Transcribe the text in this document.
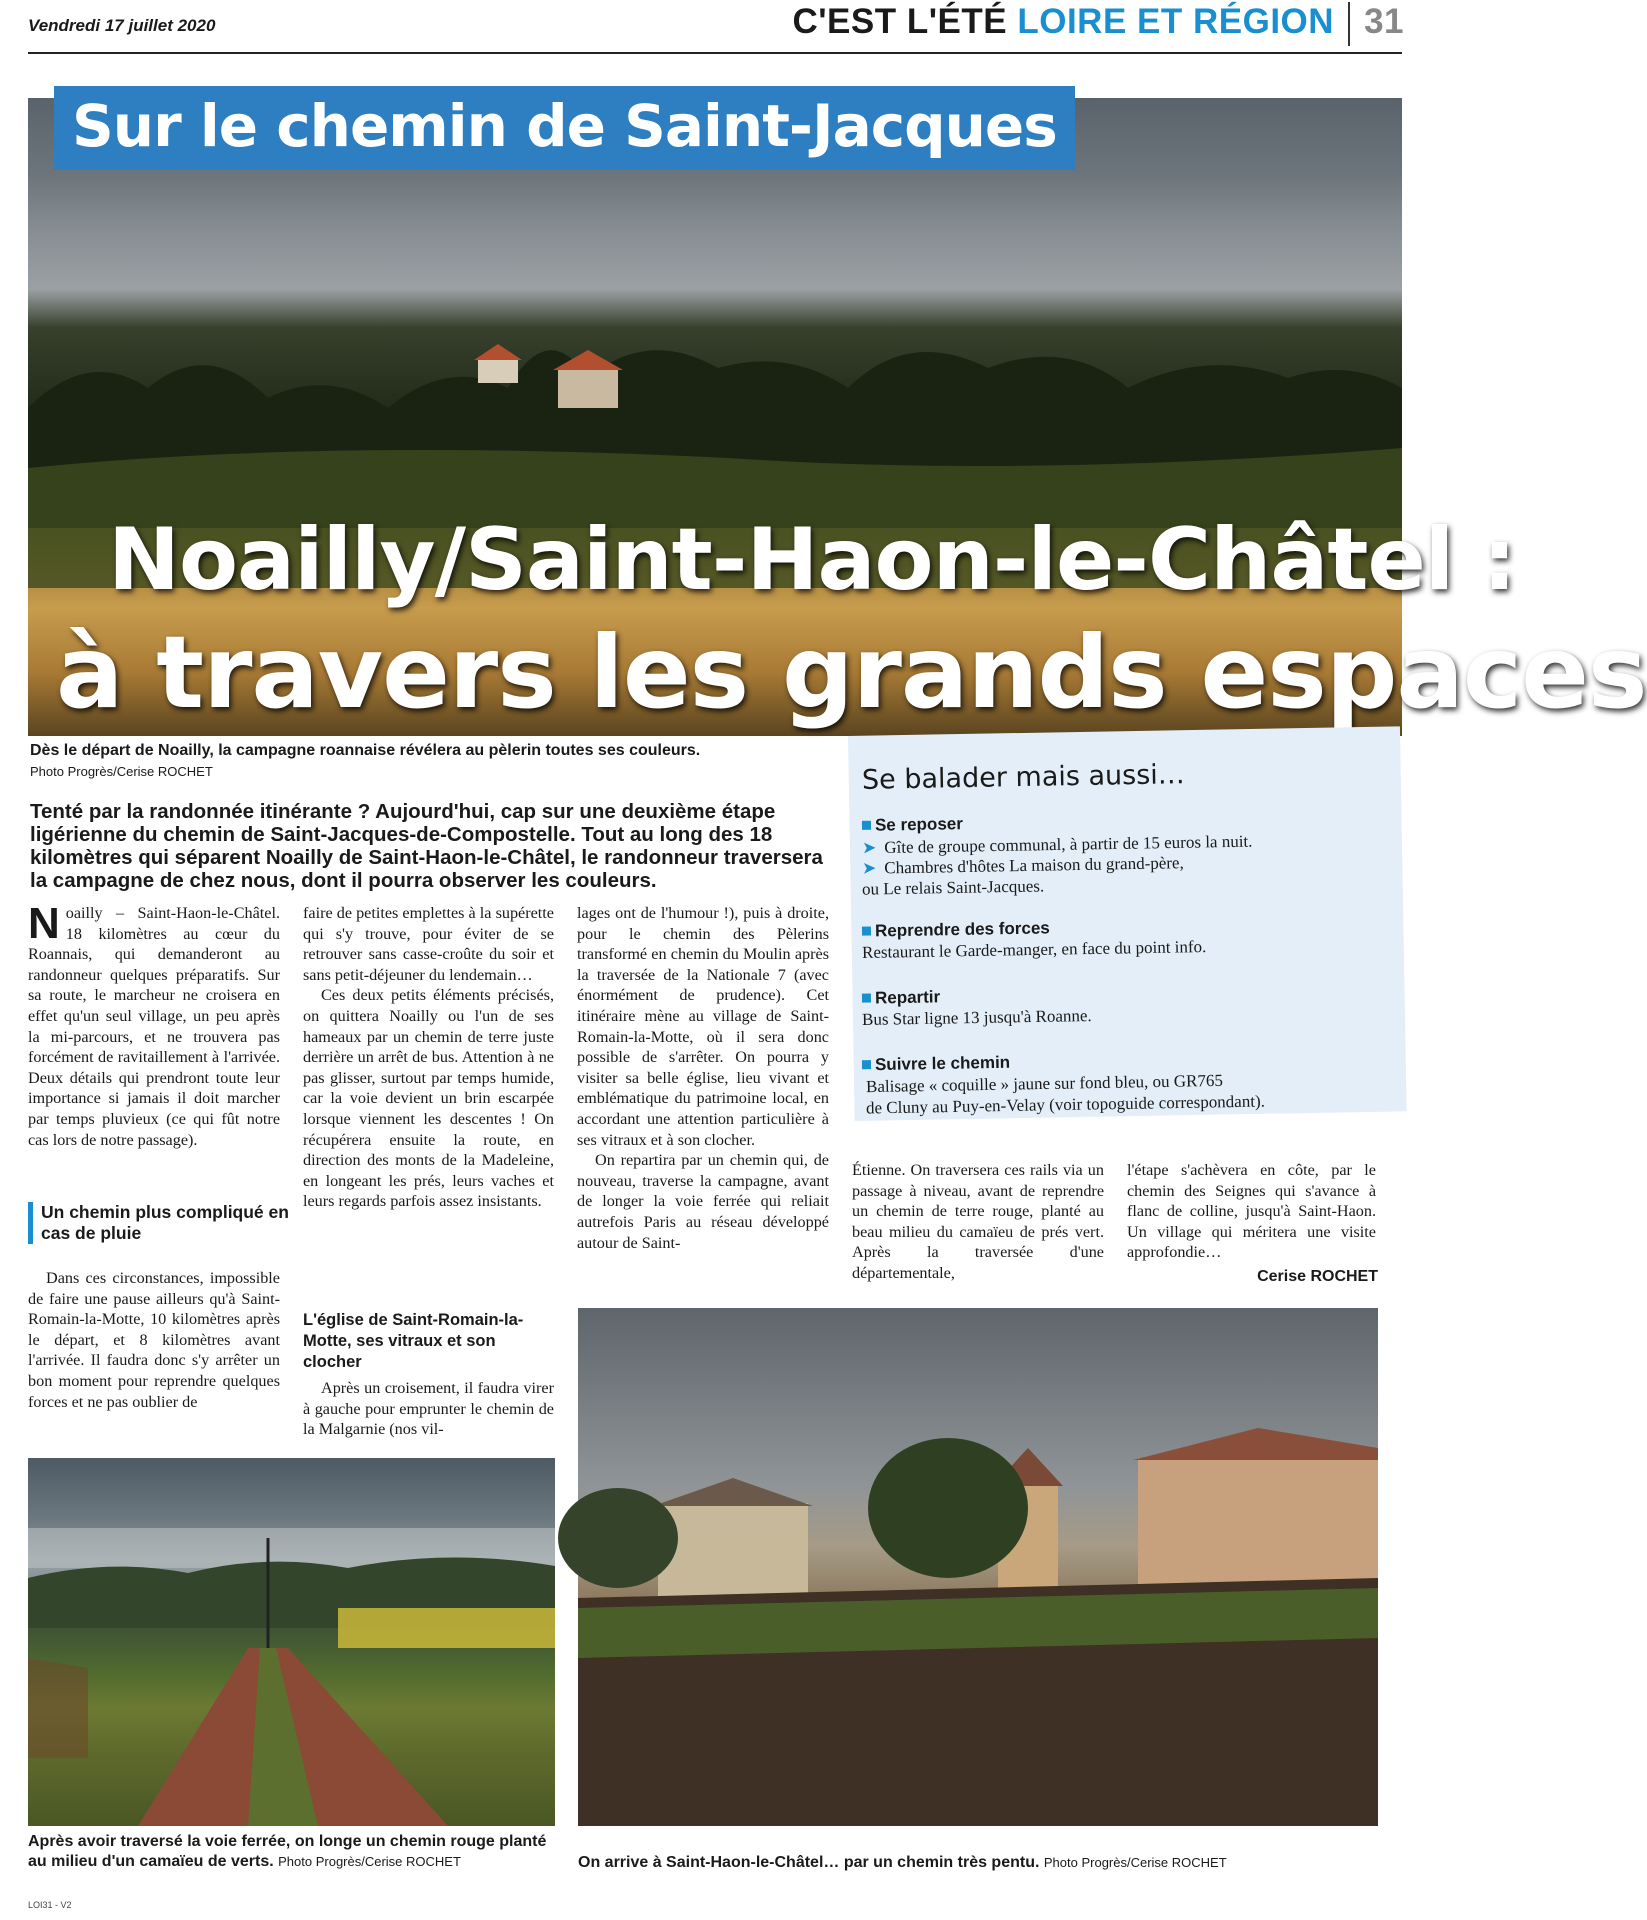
Vendredi 17 juillet 2020	C'EST L'ÉTÉ LOIRE ET RÉGION 31
Sur le chemin de Saint-Jacques
Noailly/Saint-Haon-le-Châtel :
à travers les grands espaces
Dès le départ de Noailly, la campagne roannaise révélera au pèlerin toutes ses couleurs.
Photo Progrès/Cerise ROCHET
Tenté par la randonnée itinérante ? Aujourd'hui, cap sur une deuxième étape ligérienne du chemin de Saint-Jacques-de-Compostelle. Tout au long des 18 kilomètres qui séparent Noailly de Saint-Haon-le-Châtel, le randonneur traversera la campagne de chez nous, dont il pourra observer les couleurs.
Se balader mais aussi…
Se reposer
➤ Gîte de groupe communal, à partir de 15 euros la nuit.
➤ Chambres d'hôtes La maison du grand-père,
ou Le relais Saint-Jacques.
Reprendre des forces
Restaurant le Garde-manger, en face du point info.
Repartir
Bus Star ligne 13 jusqu'à Roanne.
Suivre le chemin
Balisage « coquille » jaune sur fond bleu, ou GR765
de Cluny au Puy-en-Velay (voir topoguide correspondant).
Noailly – Saint-Haon-le-Châtel. 18 kilomètres au cœur du Roannais, qui demanderont au randonneur quelques préparatifs. Sur sa route, le marcheur ne croisera en effet qu'un seul village, un peu après la mi-parcours, et ne trouvera pas forcément de ravitaillement à l'arrivée. Deux détails qui prendront toute leur importance si jamais il doit marcher par temps pluvieux (ce qui fût notre cas lors de notre passage).
Un chemin plus compliqué en cas de pluie

Dans ces circonstances, impossible de faire une pause ailleurs qu'à Saint-Romain-la-Motte, 10 kilomètres après le départ, et 8 kilomètres avant l'arrivée. Il faudra donc s'y arrêter un bon moment pour reprendre quelques forces et ne pas oublier de

faire de petites emplettes à la supérette qui s'y trouve, pour éviter de se retrouver sans casse-croûte du soir et sans petit-déjeuner du lendemain…

Ces deux petits éléments précisés, on quittera Noailly ou l'un de ses hameaux par un chemin de terre juste derrière un arrêt de bus. Attention à ne pas glisser, surtout par temps humide, car la voie devient un brin escarpée lorsque viennent les descentes ! On récupérera ensuite la route, en direction des monts de la Madeleine, en longeant les prés, leurs vaches et leurs regards parfois assez insistants.

L'église de Saint-Romain-la-Motte, ses vitraux et son clocher

Après un croisement, il faudra virer à gauche pour emprunter le chemin de la Malgarnie (nos vil-

lages ont de l'humour !), puis à droite, pour le chemin des Pèlerins transformé en chemin du Moulin après la traversée de la Nationale 7 (avec énormément de prudence). Cet itinéraire mène au village de Saint-Romain-la-Motte, où il sera donc possible de s'arrêter. On pourra y visiter sa belle église, lieu vivant et emblématique du patrimoine local, en accordant une attention particulière à ses vitraux et à son clocher.

On repartira par un chemin qui, de nouveau, traverse la campagne, avant de longer la voie ferrée qui reliait autrefois Paris au réseau développé autour de Saint-

Étienne. On traversera ces rails via un passage à niveau, avant de reprendre un chemin de terre rouge, planté au beau milieu du camaïeu de prés vert. Après la traversée d'une départementale,

l'étape s'achèvera en côte, par le chemin des Seignes qui s'avance à flanc de colline, jusqu'à Saint-Haon. Un village qui méritera une visite approfondie…

Cerise ROCHET
Après avoir traversé la voie ferrée, on longe un chemin rouge planté au milieu d'un camaïeu de verts. Photo Progrès/Cerise ROCHET	On arrive à Saint-Haon-le-Châtel… par un chemin très pentu. Photo Progrès/Cerise ROCHET
LOI31 - V2
